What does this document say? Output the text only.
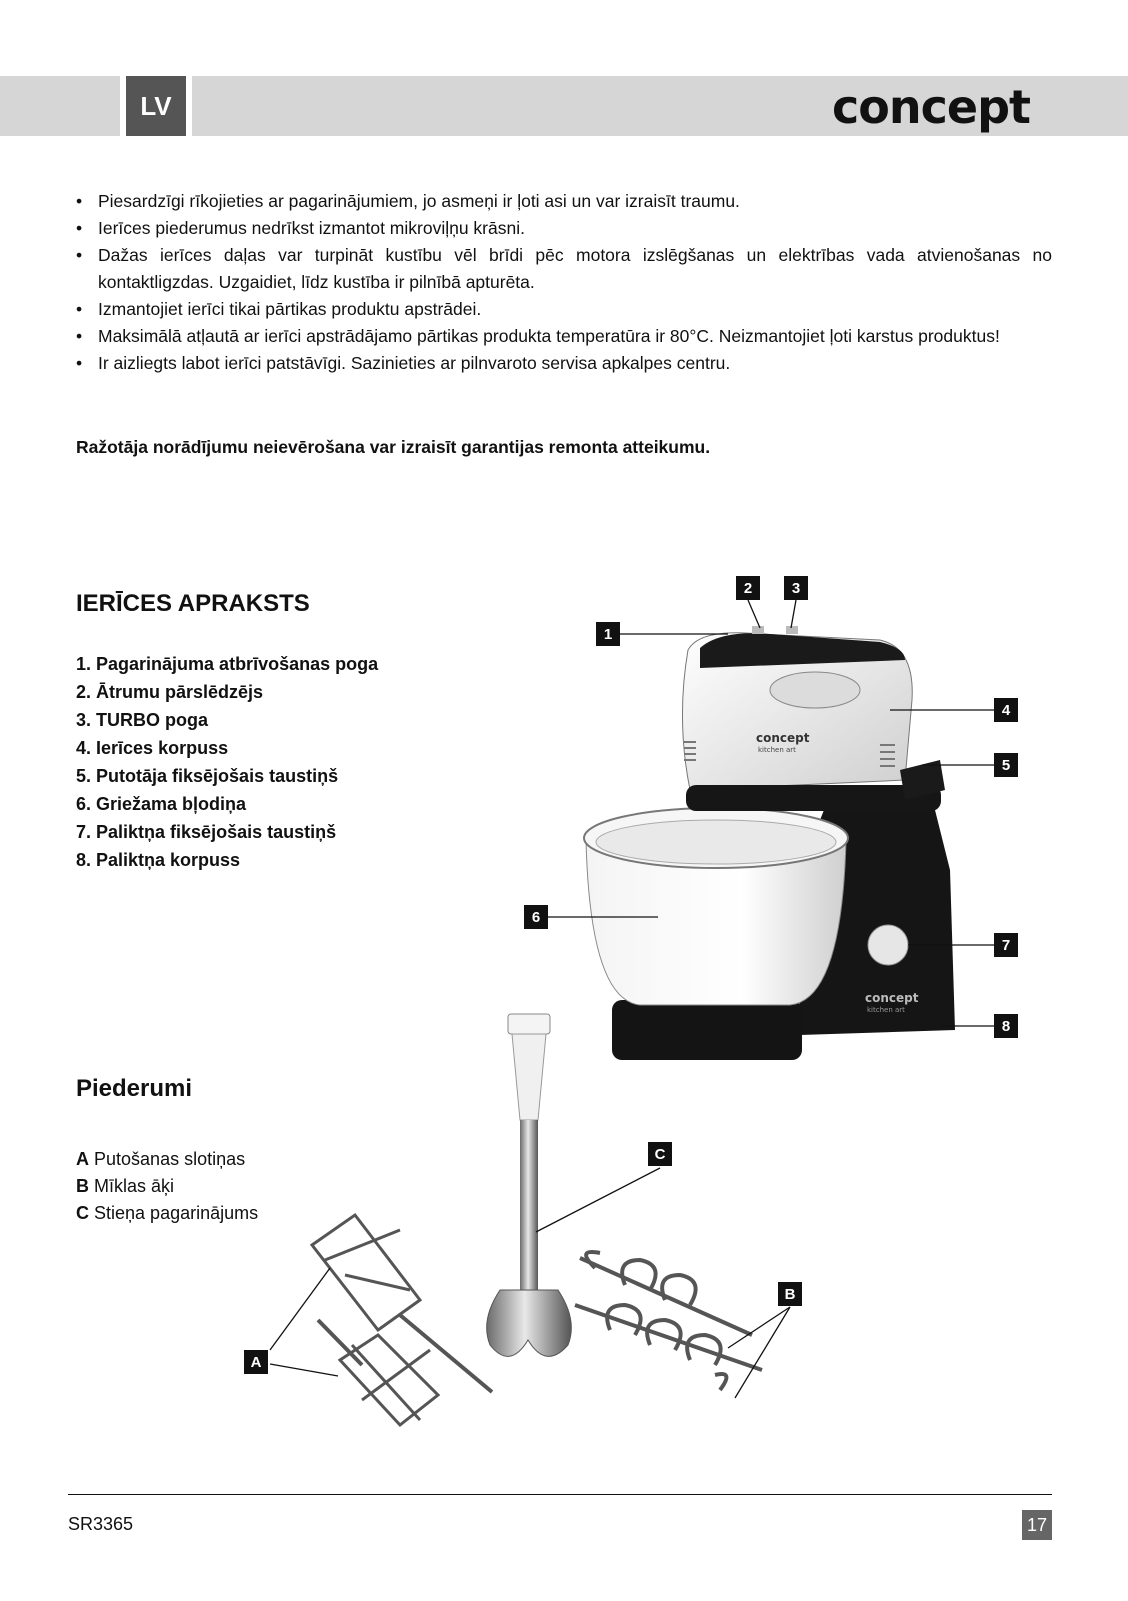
LV	concept
• Piesardzīgi rīkojieties ar pagarinājumiem, jo asmeņi ir ļoti asi un var izraisīt traumu.
• Ierīces piederumus nedrīkst izmantot mikroviļņu krāsni.
• Dažas ierīces daļas var turpināt kustību vēl brīdi pēc motora izslēgšanas un elektrības vada atvienošanas no kontaktligzdas. Uzgaidiet, līdz kustība ir pilnībā apturēta.
• Izmantojiet ierīci tikai pārtikas produktu apstrādei.
• Maksimālā atļautā ar ierīci apstrādājamo pārtikas produkta temperatūra ir 80°C. Neizmantojiet ļoti karstus produktus!
• Ir aizliegts labot ierīci patstāvīgi. Sazinieties ar pilnvaroto servisa apkalpes centru.
Ražotāja norādījumu neievērošana var izraisīt garantijas remonta atteikumu.
IERĪCES APRAKSTS
1. Pagarinājuma atbrīvošanas poga
2. Ātrumu pārslēdzējs
3. TURBO poga
4. Ierīces korpuss
5. Putotāja fiksējošais taustiņš
6. Griežama bļodiņa
7. Paliktņa fiksējošais taustiņš
8. Paliktņa korpuss
Piederumi
A Putošanas slotiņas
B Mīklas āķi
C Stieņa pagarinājums
concept
kitchen art
concept
kitchen art
1
2	3
4
5
6
7
8
A
B
C
SR3365	17
